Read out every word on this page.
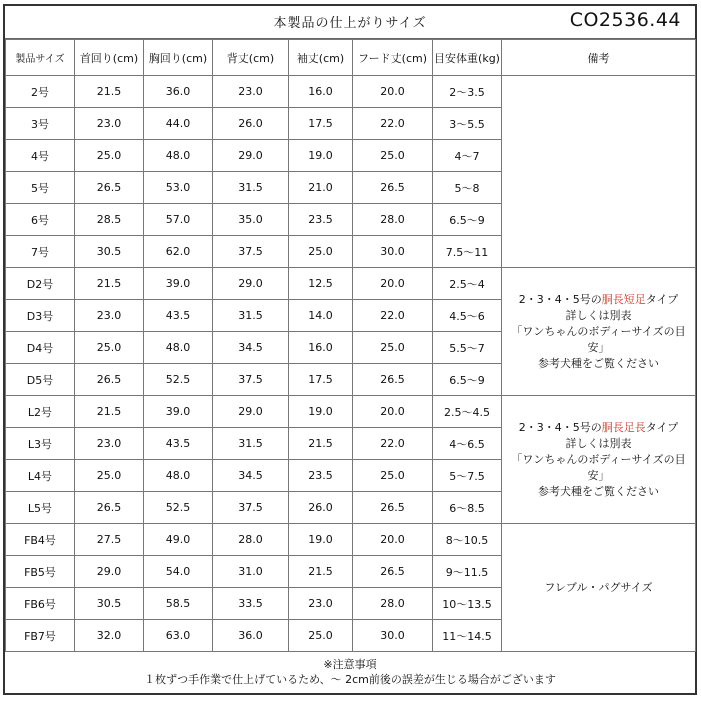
本製品の仕上がりサイズ	CO2536.44
製品サイズ	首回り(cm)	胸回り(cm)	背丈(cm)	袖丈(cm)	フード丈(cm)	目安体重(kg)	備考
2号	21.5	36.0	23.0	16.0	20.0	2〜3.5	
3号	23.0	44.0	26.0	17.5	22.0	3〜5.5	
4号	25.0	48.0	29.0	19.0	25.0	4〜7	
5号	26.5	53.0	31.5	21.0	26.5	5〜8	
6号	28.5	57.0	35.0	23.5	28.0	6.5〜9	
7号	30.5	62.0	37.5	25.0	30.0	7.5〜11	
D2号	21.5	39.0	29.0	12.5	20.0	2.5〜4	2・3・4・5号の胴長短足タイプ
詳しくは別表
「ワンちゃんのボディーサイズの目安」
参考犬種をご覧ください
D3号	23.0	43.5	31.5	14.0	22.0	4.5〜6	
D4号	25.0	48.0	34.5	16.0	25.0	5.5〜7	
D5号	26.5	52.5	37.5	17.5	26.5	6.5〜9	
L2号	21.5	39.0	29.0	19.0	20.0	2.5〜4.5	2・3・4・5号の胴長足長タイプ
詳しくは別表
「ワンちゃんのボディーサイズの目安」
参考犬種をご覧ください
L3号	23.0	43.5	31.5	21.5	22.0	4〜6.5	
L4号	25.0	48.0	34.5	23.5	25.0	5〜7.5	
L5号	26.5	52.5	37.5	26.0	26.5	6〜8.5	
FB4号	27.5	49.0	28.0	19.0	20.0	8〜10.5	フレブル・パグサイズ
FB5号	29.0	54.0	31.0	21.5	26.5	9〜11.5	
FB6号	30.5	58.5	33.5	23.0	28.0	10〜13.5	
FB7号	32.0	63.0	36.0	25.0	30.0	11〜14.5	
※注意事項
１枚ずつ手作業で仕上げているため、〜 2cm前後の誤差が生じる場合がございます
